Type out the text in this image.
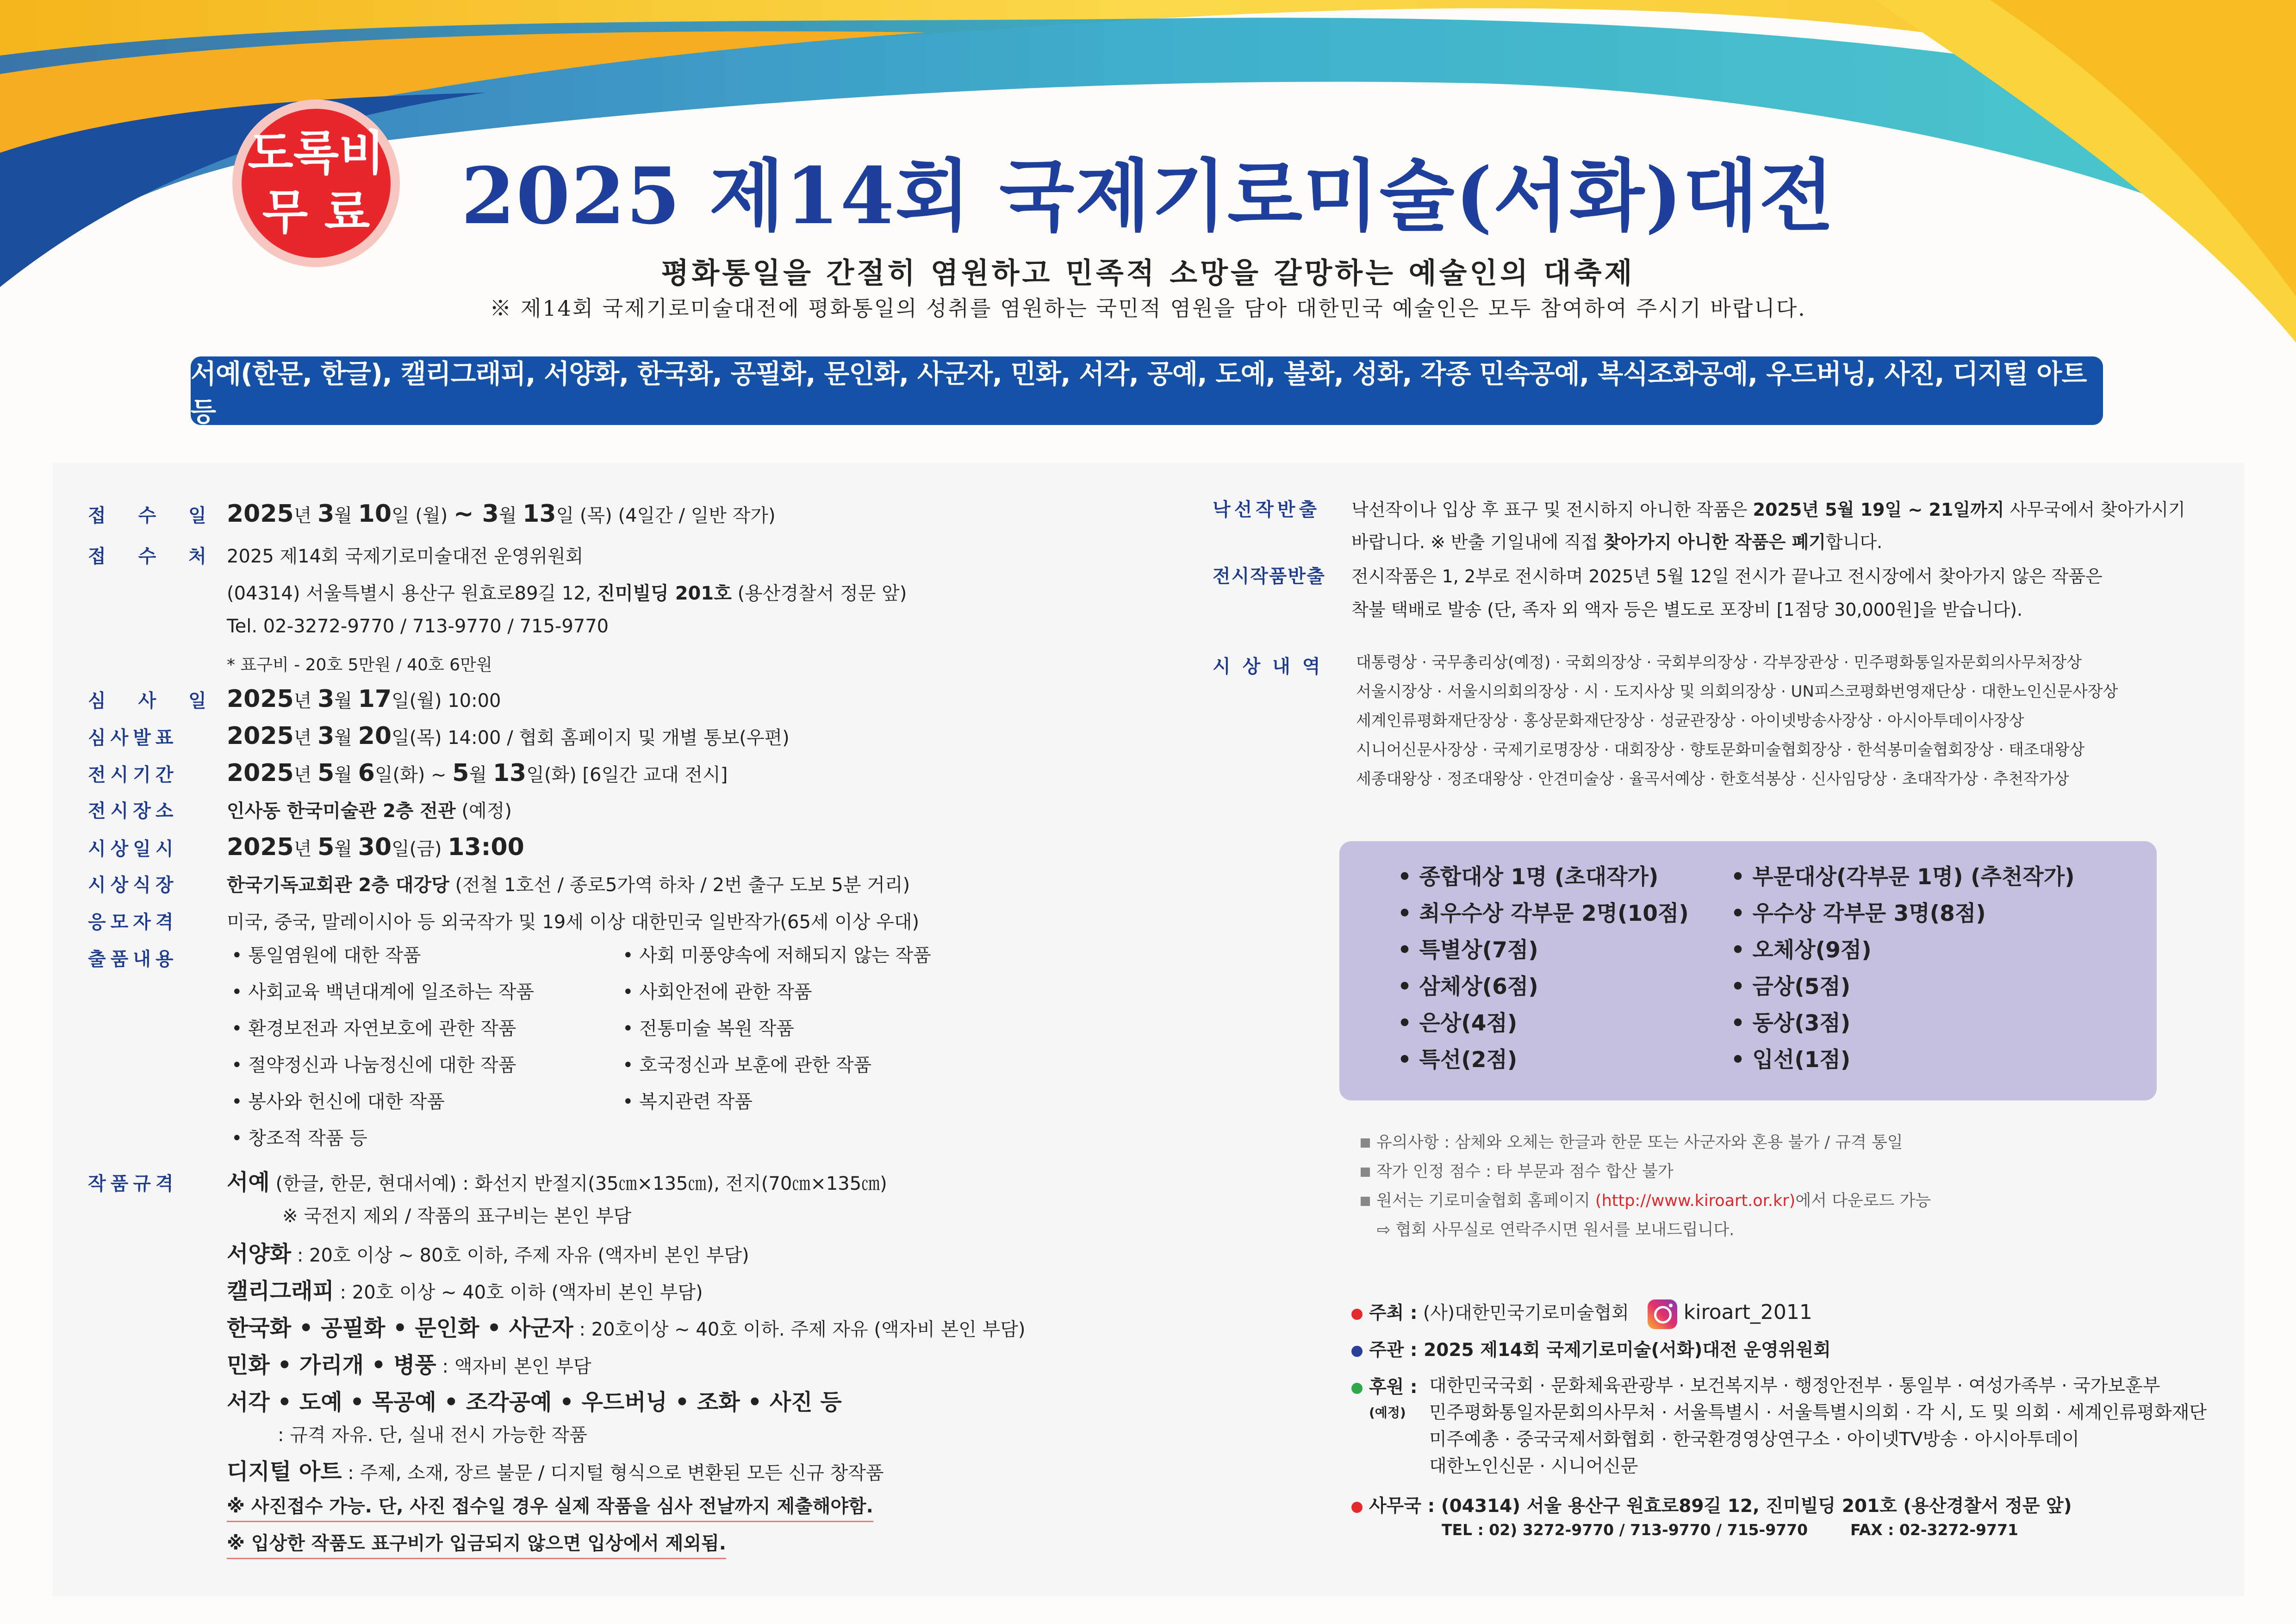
도록비
무 료	2025 제14회 국제기로미술(서화)대전
평화통일을 간절히 염원하고 민족적 소망을 갈망하는 예술인의 대축제
※ 제14회 국제기로미술대전에 평화통일의 성취를 염원하는 국민적 염원을 담아 대한민국 예술인은 모두 참여하여 주시기 바랍니다.
서예(한문, 한글), 캘리그래피, 서양화, 한국화, 공필화, 문인화, 사군자, 민화, 서각, 공예, 도예, 불화, 성화, 각종 민속공예, 복식조화공예, 우드버닝, 사진, 디지털 아트 등
접 수 일 2025년 3월 10일 (월) ~ 3월 13일 (목) (4일간 / 일반 작가)
접 수 처 2025 제14회 국제기로미술대전 운영위원회
(04314) 서울특별시 용산구 원효로89길 12, 진미빌딩 201호 (용산경찰서 정문 앞)
Tel. 02-3272-9770 / 713-9770 / 715-9770
* 표구비 - 20호 5만원 / 40호 6만원
심 사 일 2025년 3월 17일(월) 10:00
심사발표	2025년 3월 20일(목) 14:00 / 협회 홈페이지 및 개별 통보(우편)
전시기간	2025년 5월 6일(화) ~ 5월 13일(화) [6일간 교대 전시]
전시장소	인사동 한국미술관 2층 전관 (예정)
시상일시	2025년 5월 30일(금) 13:00
시상식장	한국기독교회관 2층 대강당 (전철 1호선 / 종로5가역 하차 / 2번 출구 도보 5분 거리)
응모자격	미국, 중국, 말레이시아 등 외국작가 및 19세 이상 대한민국 일반작가(65세 이상 우대)
출품내용	• 통일염원에 대한 작품
• 사회교육 백년대계에 일조하는 작품
• 환경보전과 자연보호에 관한 작품
• 절약정신과 나눔정신에 대한 작품
• 봉사와 헌신에 대한 작품
• 창조적 작품 등
• 사회 미풍양속에 저해되지 않는 작품
• 사회안전에 관한 작품
• 전통미술 복원 작품
• 호국정신과 보훈에 관한 작품
• 복지관련 작품
작품규격	서예 (한글, 한문, 현대서예) : 화선지 반절지(35㎝×135㎝), 전지(70㎝×135㎝)
※ 국전지 제외 / 작품의 표구비는 본인 부담
서양화 : 20호 이상 ~ 80호 이하, 주제 자유 (액자비 본인 부담)
캘리그래피 : 20호 이상 ~ 40호 이하 (액자비 본인 부담)
한국화 • 공필화 • 문인화 • 사군자 : 20호이상 ~ 40호 이하. 주제 자유 (액자비 본인 부담)
민화 • 가리개 • 병풍 : 액자비 본인 부담
서각 • 도예 • 목공예 • 조각공예 • 우드버닝 • 조화 • 사진 등
: 규격 자유. 단, 실내 전시 가능한 작품
디지털 아트 : 주제, 소재, 장르 불문 / 디지털 형식으로 변환된 모든 신규 창작품
※ 사진접수 가능. 단, 사진 접수일 경우 실제 작품을 심사 전날까지 제출해야함.
※ 입상한 작품도 표구비가 입금되지 않으면 입상에서 제외됨.
낙선작반출	낙선작이나 입상 후 표구 및 전시하지 아니한 작품은 2025년 5월 19일 ~ 21일까지 사무국에서 찾아가시기
바랍니다. ※ 반출 기일내에 직접 찾아가지 아니한 작품은 폐기합니다.
전시작품반출	전시작품은 1, 2부로 전시하며 2025년 5월 12일 전시가 끝나고 전시장에서 찾아가지 않은 작품은
착불 택배로 발송 (단, 족자 외 액자 등은 별도로 포장비 [1점당 30,000원]을 받습니다).
시상내역	대통령상 · 국무총리상(예정) · 국회의장상 · 국회부의장상 · 각부장관상 · 민주평화통일자문회의사무처장상
서울시장상 · 서울시의회의장상 · 시 · 도지사상 및 의회의장상 · UN피스코평화번영재단상 · 대한노인신문사장상
세계인류평화재단장상 · 홍상문화재단장상 · 성균관장상 · 아이넷방송사장상 · 아시아투데이사장상
시니어신문사장상 · 국제기로명장상 · 대회장상 · 향토문화미술협회장상 · 한석봉미술협회장상 · 태조대왕상
세종대왕상 · 정조대왕상 · 안견미술상 · 율곡서예상 · 한호석봉상 · 신사임당상 · 초대작가상 · 추천작가상
• 종합대상 1명 (초대작가)
• 최우수상 각부문 2명(10점)
• 특별상(7점)
• 삼체상(6점)
• 은상(4점)
• 특선(2점)
• 부문대상(각부문 1명) (추천작가)
• 우수상 각부문 3명(8점)
• 오체상(9점)
• 금상(5점)
• 동상(3점)
• 입선(1점)
유의사항 : 삼체와 오체는 한글과 한문 또는 사군자와 혼용 불가 / 규격 통일
작가 인정 점수 : 타 부문과 점수 합산 불가
원서는 기로미술협회 홈페이지 (http://www.kiroart.or.kr)에서 다운로드 가능
⇨ 협회 사무실로 연락주시면 원서를 보내드립니다.
주최 : (사)대한민국기로미술협회	kiroart_2011
주관 : 2025 제14회 국제기로미술(서화)대전 운영위원회
후원 :
(예정)
대한민국국회 · 문화체육관광부 · 보건복지부 · 행정안전부 · 통일부 · 여성가족부 · 국가보훈부
민주평화통일자문회의사무처 · 서울특별시 · 서울특별시의회 · 각 시, 도 및 의회 · 세계인류평화재단
미주예총 · 중국국제서화협회 · 한국환경영상연구소 · 아이넷TV방송 · 아시아투데이
대한노인신문 · 시니어신문
사무국 : (04314) 서울 용산구 원효로89길 12, 진미빌딩 201호 (용산경찰서 정문 앞)
TEL : 02) 3272-9770 / 713-9770 / 715-9770        FAX : 02-3272-9771
